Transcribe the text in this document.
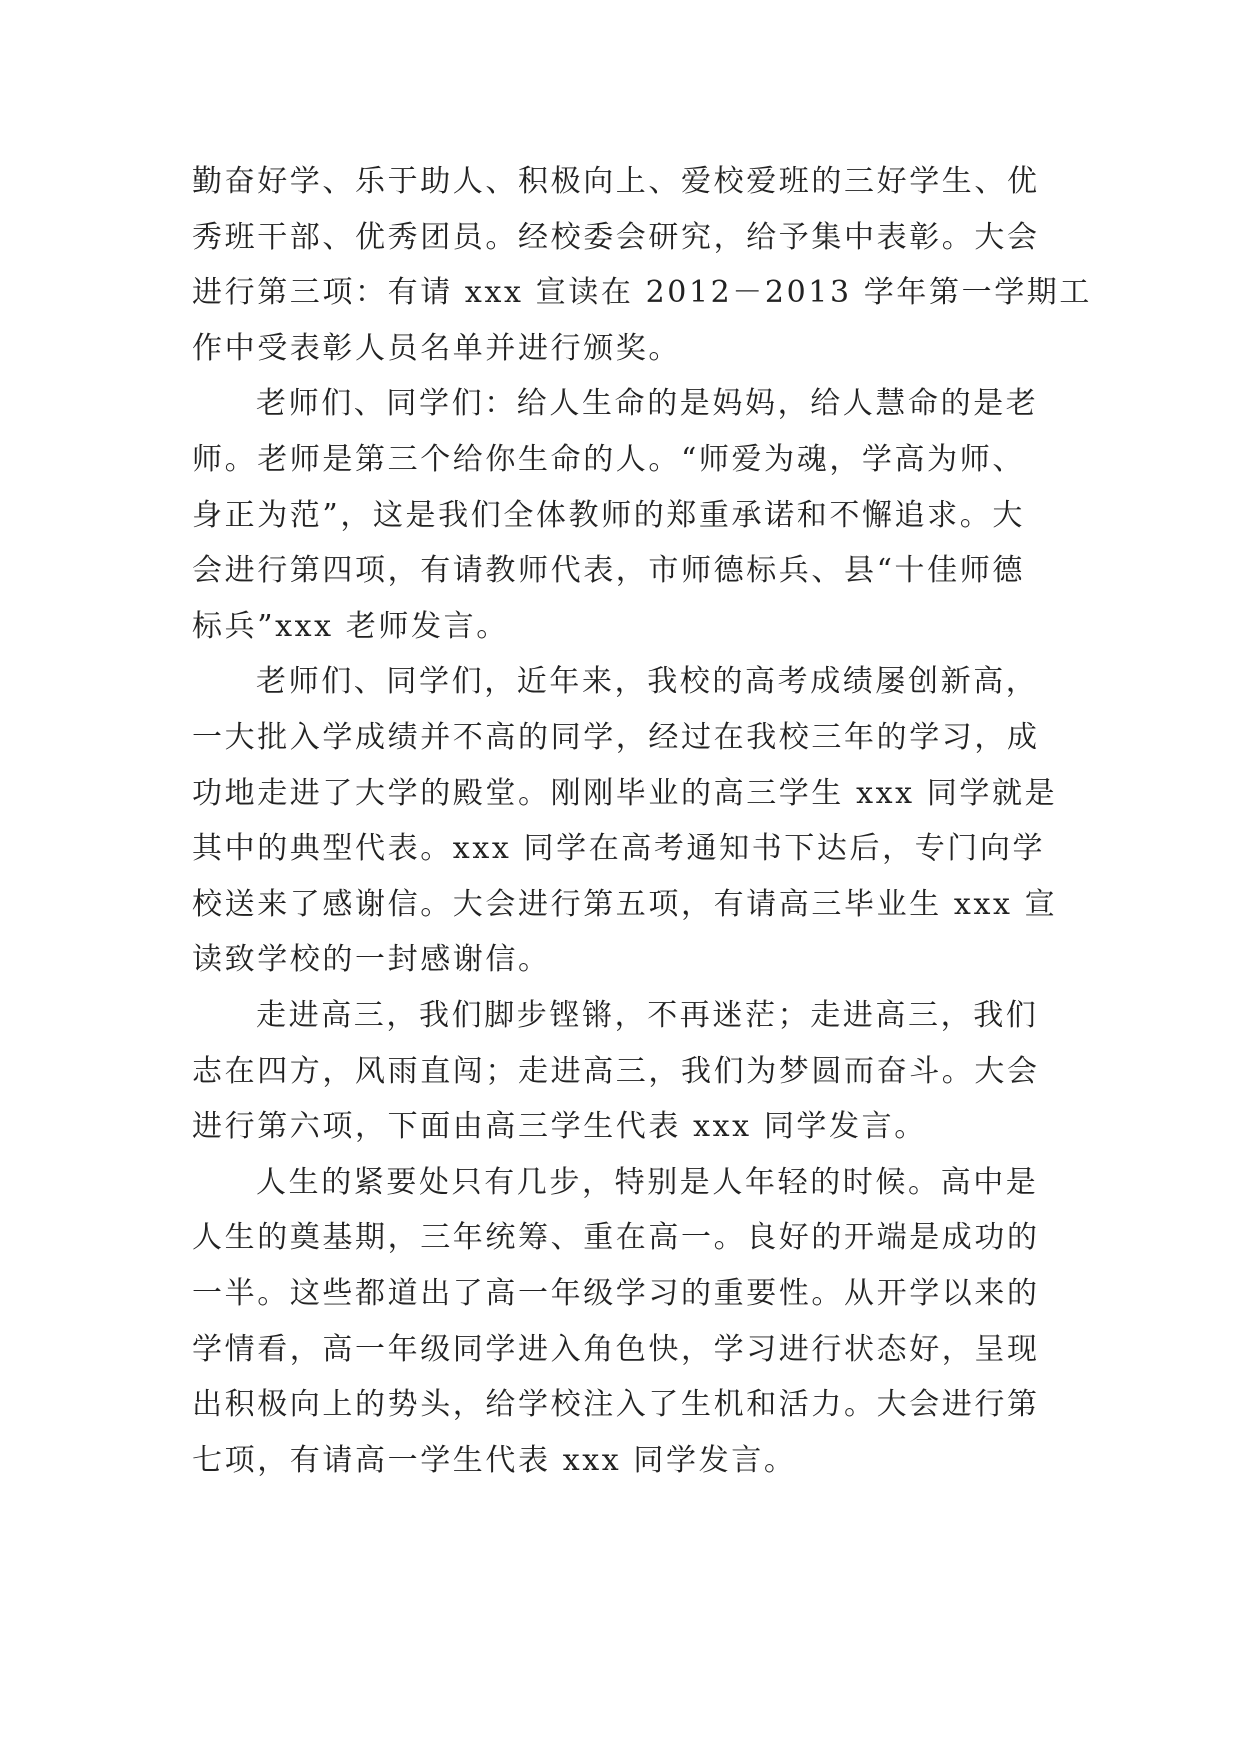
勤奋好学、乐于助人、积极向上、爱校爱班的三好学生、优
秀班干部、优秀团员。经校委会研究，给予集中表彰。大会
进行第三项：有请 xxx 宣读在 2012－2013 学年第一学期工
作中受表彰人员名单并进行颁奖。
老师们、同学们：给人生命的是妈妈，给人慧命的是老
师。老师是第三个给你生命的人。“师爱为魂，学高为师、
身正为范”，这是我们全体教师的郑重承诺和不懈追求。大
会进行第四项，有请教师代表，市师德标兵、县“十佳师德
标兵”xxx 老师发言。
老师们、同学们，近年来，我校的高考成绩屡创新高，
一大批入学成绩并不高的同学，经过在我校三年的学习，成
功地走进了大学的殿堂。刚刚毕业的高三学生 xxx 同学就是
其中的典型代表。xxx 同学在高考通知书下达后，专门向学
校送来了感谢信。大会进行第五项，有请高三毕业生 xxx 宣
读致学校的一封感谢信。
走进高三，我们脚步铿锵，不再迷茫；走进高三，我们
志在四方，风雨直闯；走进高三，我们为梦圆而奋斗。大会
进行第六项，下面由高三学生代表 xxx 同学发言。
人生的紧要处只有几步，特别是人年轻的时候。高中是
人生的奠基期，三年统筹、重在高一。良好的开端是成功的
一半。这些都道出了高一年级学习的重要性。从开学以来的
学情看，高一年级同学进入角色快，学习进行状态好，呈现
出积极向上的势头，给学校注入了生机和活力。大会进行第
七项，有请高一学生代表 xxx 同学发言。
